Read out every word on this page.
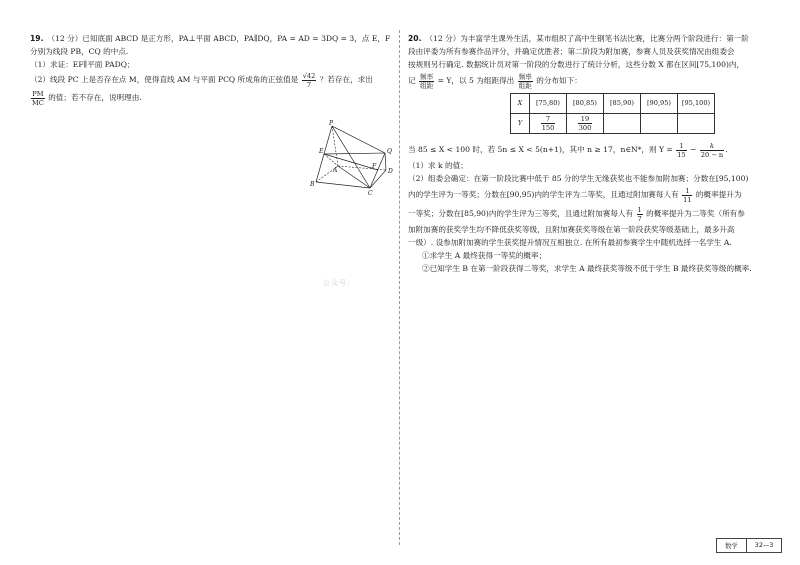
19. （12 分）已知底面 ABCD 是正方形，PA⊥平面 ABCD，PA∥DQ，PA = AD = 3DQ = 3，点 E，F
分别为线段 PB，CQ 的中点.
（1）求证：EF∥平面 PADQ；
（2）线段 PC 上是否存在点 M，使得直线 AM 与平面 PCQ 所成角的正弦值是 $\frac{√42}{7}$ ？若存在，求出
$\frac{PM}{MC}$ 的值；若不存在，说明理由.
P
E	Q
F
D
A
B
C
公众号：
20. （12 分）为丰富学生课外生活，某市组织了高中生钢笔书法比赛，比赛分两个阶段进行：第一阶
段由评委为所有参赛作品评分，并确定优胜者；第二阶段为附加赛，参赛人员及获奖情况由组委会
按规则另行确定. 数据统计员对第一阶段的分数进行了统计分析，这些分数 X 都在区间[75,100)内，
记 $\frac{\text{频率}}{\text{组距}} = Y$，以 5 为组距得出 $\frac{\text{频率}}{\text{组距}}$ 的分布如下：
X	[75,80)	[80,85)	[85,90)	[90,95)	[95,100)
Y	$\frac{7}{150}$	$\frac{19}{300}$

当 85 ≤ X < 100 时，若 5n ≤ X < 5(n+1)，其中 n ≥ 17，n∈N*，则 $Y = \frac{1}{15} - \frac{k}{20 - n}$ .
（1）求 k 的值；
（2）组委会确定：在第一阶段比赛中低于 85 分的学生无缘获奖也不能参加附加赛；分数在[95,100)
内的学生评为一等奖；分数在[90,95)内的学生评为二等奖，且通过附加赛每人有 $\frac{1}{11}$ 的概率提升为
一等奖；分数在[85,90)内的学生评为三等奖，且通过附加赛每人有 $\frac{1}{7}$ 的概率提升为二等奖（所有参
加附加赛的获奖学生均不降低获奖等级，且附加赛获奖等级在第一阶段获奖等级基础上，最多升高
一级）. 设参加附加赛的学生获奖提升情况互相独立. 在所有最初参赛学生中随机选择一名学生 A.
①求学生 A 最终获得一等奖的概率；
②已知学生 B 在第一阶段获得二等奖，求学生 A 最终获奖等级不低于学生 B 最终获奖等级的概率.
数学	32—3
